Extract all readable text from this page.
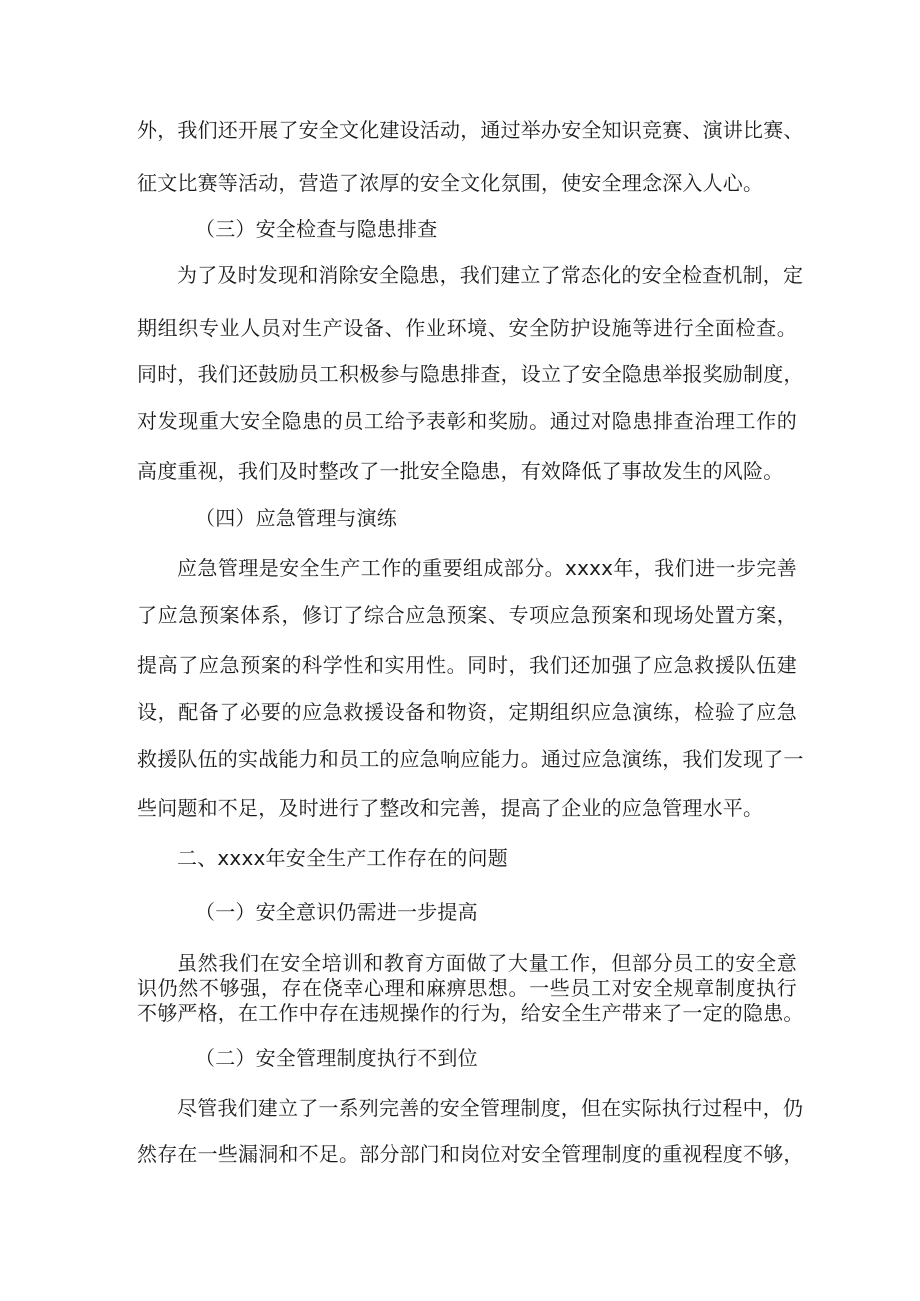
外，我们还开展了安全文化建设活动，通过举办安全知识竞赛、演讲比赛、
征文比赛等活动，营造了浓厚的安全文化氛围，使安全理念深入人心。
（三）安全检查与隐患排查
为了及时发现和消除安全隐患，我们建立了常态化的安全检查机制，定
期组织专业人员对生产设备、作业环境、安全防护设施等进行全面检查。
同时，我们还鼓励员工积极参与隐患排查，设立了安全隐患举报奖励制度，
对发现重大安全隐患的员工给予表彰和奖励。通过对隐患排查治理工作的
高度重视，我们及时整改了一批安全隐患，有效降低了事故发生的风险。
（四）应急管理与演练
应急管理是安全生产工作的重要组成部分。xxxx年，我们进一步完善
了应急预案体系，修订了综合应急预案、专项应急预案和现场处置方案，
提高了应急预案的科学性和实用性。同时，我们还加强了应急救援队伍建
设，配备了必要的应急救援设备和物资，定期组织应急演练，检验了应急
救援队伍的实战能力和员工的应急响应能力。通过应急演练，我们发现了一
些问题和不足，及时进行了整改和完善，提高了企业的应急管理水平。
二、xxxx年安全生产工作存在的问题
（一）安全意识仍需进一步提高
虽然我们在安全培训和教育方面做了大量工作，但部分员工的安全意
识仍然不够强，存在侥幸心理和麻痹思想。一些员工对安全规章制度执行
不够严格，在工作中存在违规操作的行为，给安全生产带来了一定的隐患。
（二）安全管理制度执行不到位
尽管我们建立了一系列完善的安全管理制度，但在实际执行过程中，仍
然存在一些漏洞和不足。部分部门和岗位对安全管理制度的重视程度不够，
